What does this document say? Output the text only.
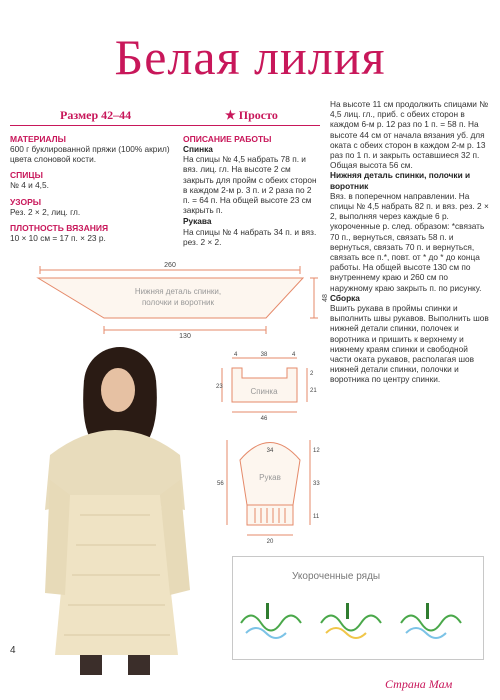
Белая лилия
Размер 42–44	★ Просто
МАТЕРИАЛЫ
600 г буклированной пряжи (100% акрил) цвета слоновой кости.
СПИЦЫ
№ 4 и 4,5.
УЗОРЫ
Рез. 2 × 2, лиц. гл.
ПЛОТНОСТЬ ВЯЗАНИЯ
10 × 10 см = 17 п. × 23 р.
ОПИСАНИЕ РАБОТЫ
Спинка
На спицы № 4,5 набрать 78 п. и вяз. лиц. гл. На высоте 2 см закрыть для пройм с обеих сторон в каждом 2-м р. 3 п. и 2 раза по 2 п. = 64 п. На общей высоте 23 см закрыть п.
Рукава
На спицы № 4 набрать 34 п. и вяз. рез. 2 × 2.
На высоте 11 см продолжить спицами № 4,5 лиц. гл., приб. с обеих сторон в каждом 6-м р. 12 раз по 1 п. = 58 п. На высоте 44 см от начала вязания уб. для оката с обеих сторон в каждом 2-м р. 13 раз по 1 п. и закрыть оставшиеся 32 п. Общая высота 56 см.
Нижняя деталь спинки, полочки и воротник
Вяз. в поперечном направлении. На спицы № 4,5 набрать 82 п. и вяз. рез. 2 × 2, выполняя через каждые 6 р. укороченные р. след. образом: *связать 70 п., вернуться, связать 58 п. и вернуться, связать 70 п. и вернуться, связать все п.*, повт. от * до * до конца работы. На общей высоте 130 см по внутреннему краю и 260 см по наружному краю закрыть п. по рисунку.
Сборка
Вшить рукава в проймы спинки и выполнить швы рукавов. Выполнить шов нижней детали спинки, полочек и воротника и пришить к верхнему и нижнему краям спинки и свободной части оката рукавов, располагая шов нижней детали спинки, полочки и воротника по центру спинки.
260
Нижняя деталь спинки,
полочки и воротник
130
48
4	38	4
Спинка
46
23
2
21
34
Рукав
20
56
12
33
11
Укороченные ряды
4
Страна Мам
